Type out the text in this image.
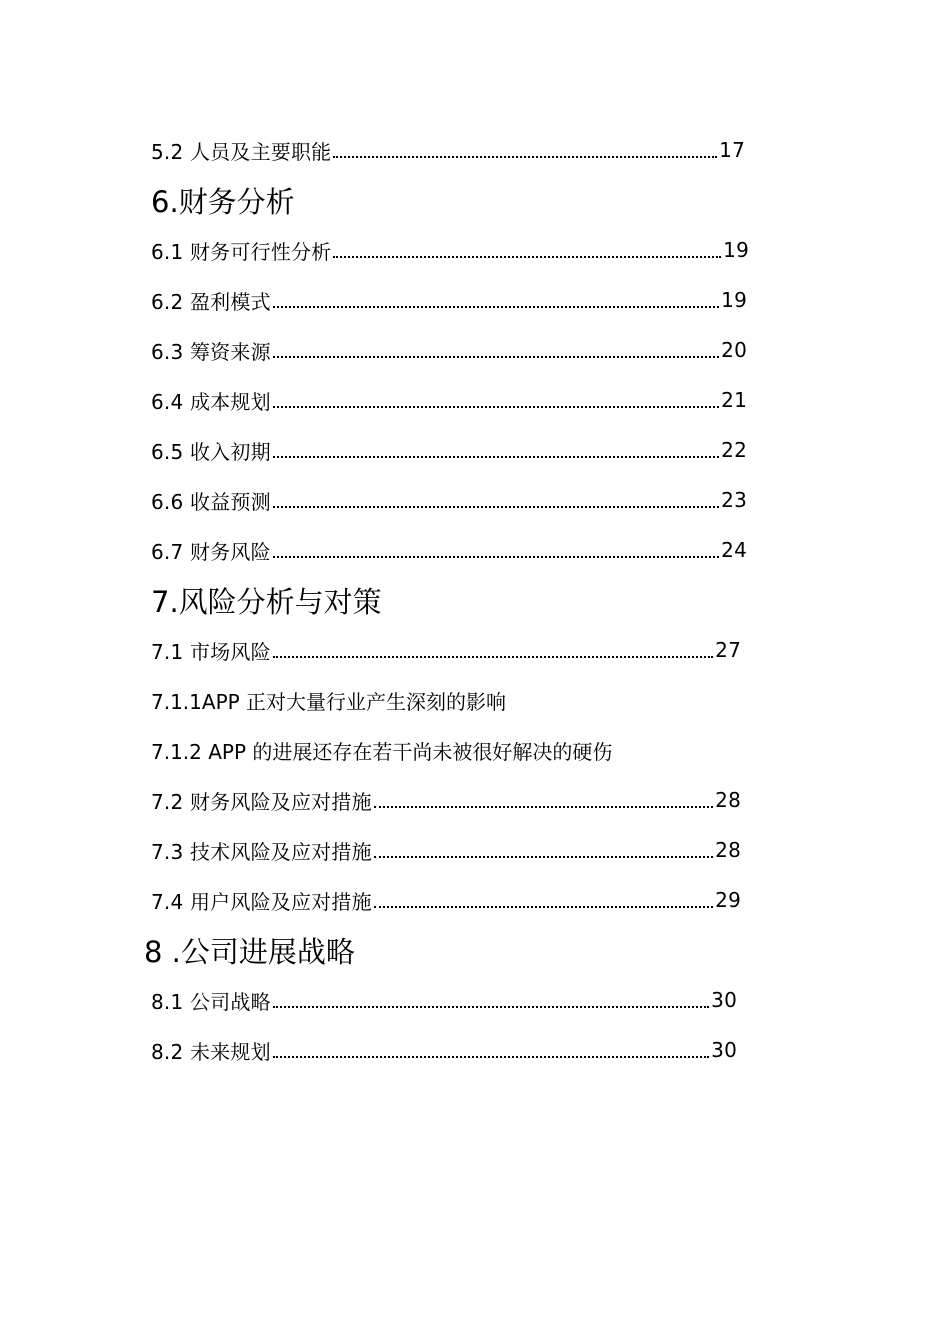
5.2 人员及主要职能	17
6.财务分析
6.1 财务可行性分析	19
6.2 盈利模式	19
6.3 筹资来源	20
6.4 成本规划	21
6.5 收入初期	22
6.6 收益预测	23
6.7 财务风险	24
7.风险分析与对策
7.1 市场风险	27
7.1.1APP 正对大量行业产生深刻的影响
7.1.2 APP 的进展还存在若干尚未被很好解决的硬伤
7.2 财务风险及应对措施	28
7.3 技术风险及应对措施	28
7.4 用户风险及应对措施	29
8 .公司进展战略
8.1 公司战略	30
8.2 未来规划	30
